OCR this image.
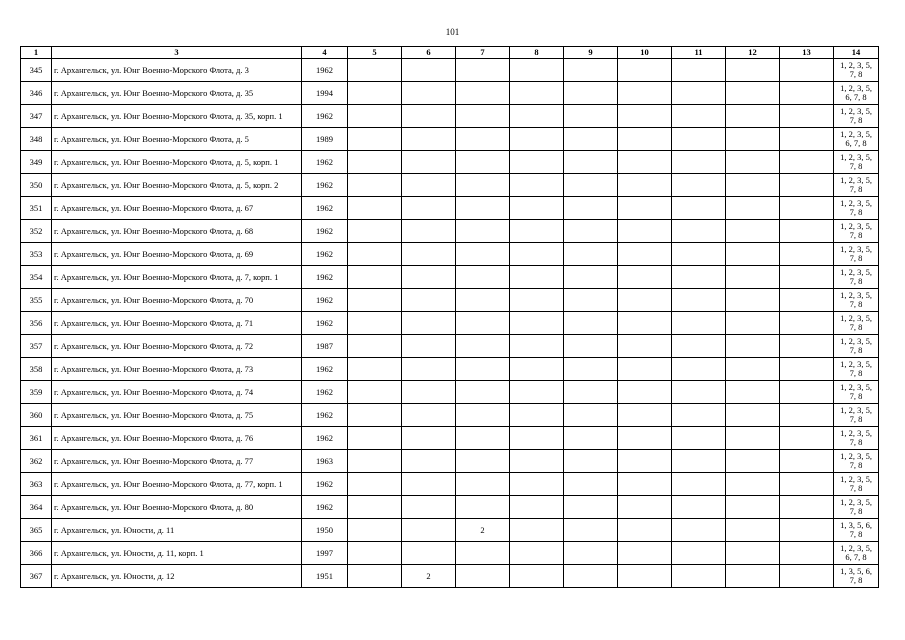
101
1	3	4	5	6	7	8	9	10	11	12	13	14
345	г. Архангельск, ул. Юнг Военно-Морского Флота, д. 3	1962										1, 2, 3, 5, 7, 8
346	г. Архангельск, ул. Юнг Военно-Морского Флота, д. 35	1994										1, 2, 3, 5, 6, 7, 8
347	г. Архангельск, ул. Юнг Военно-Морского Флота, д. 35, корп. 1	1962										1, 2, 3, 5, 7, 8
348	г. Архангельск, ул. Юнг Военно-Морского Флота, д. 5	1989										1, 2, 3, 5, 6, 7, 8
349	г. Архангельск, ул. Юнг Военно-Морского Флота, д. 5, корп. 1	1962										1, 2, 3, 5, 7, 8
350	г. Архангельск, ул. Юнг Военно-Морского Флота, д. 5, корп. 2	1962										1, 2, 3, 5, 7, 8
351	г. Архангельск, ул. Юнг Военно-Морского Флота, д. 67	1962										1, 2, 3, 5, 7, 8
352	г. Архангельск, ул. Юнг Военно-Морского Флота, д. 68	1962										1, 2, 3, 5, 7, 8
353	г. Архангельск, ул. Юнг Военно-Морского Флота, д. 69	1962										1, 2, 3, 5, 7, 8
354	г. Архангельск, ул. Юнг Военно-Морского Флота, д. 7, корп. 1	1962										1, 2, 3, 5, 7, 8
355	г. Архангельск, ул. Юнг Военно-Морского Флота, д. 70	1962										1, 2, 3, 5, 7, 8
356	г. Архангельск, ул. Юнг Военно-Морского Флота, д. 71	1962										1, 2, 3, 5, 7, 8
357	г. Архангельск, ул. Юнг Военно-Морского Флота, д. 72	1987										1, 2, 3, 5, 7, 8
358	г. Архангельск, ул. Юнг Военно-Морского Флота, д. 73	1962										1, 2, 3, 5, 7, 8
359	г. Архангельск, ул. Юнг Военно-Морского Флота, д. 74	1962										1, 2, 3, 5, 7, 8
360	г. Архангельск, ул. Юнг Военно-Морского Флота, д. 75	1962										1, 2, 3, 5, 7, 8
361	г. Архангельск, ул. Юнг Военно-Морского Флота, д. 76	1962										1, 2, 3, 5, 7, 8
362	г. Архангельск, ул. Юнг Военно-Морского Флота, д. 77	1963										1, 2, 3, 5, 7, 8
363	г. Архангельск, ул. Юнг Военно-Морского Флота, д. 77, корп. 1	1962										1, 2, 3, 5, 7, 8
364	г. Архангельск, ул. Юнг Военно-Морского Флота, д. 80	1962										1, 2, 3, 5, 7, 8
365	г. Архангельск, ул. Юности, д. 11	1950			2							1, 3, 5, 6, 7, 8
366	г. Архангельск, ул. Юности, д. 11, корп. 1	1997										1, 2, 3, 5, 6, 7, 8
367	г. Архангельск, ул. Юности, д. 12	1951		2								1, 3, 5, 6, 7, 8
